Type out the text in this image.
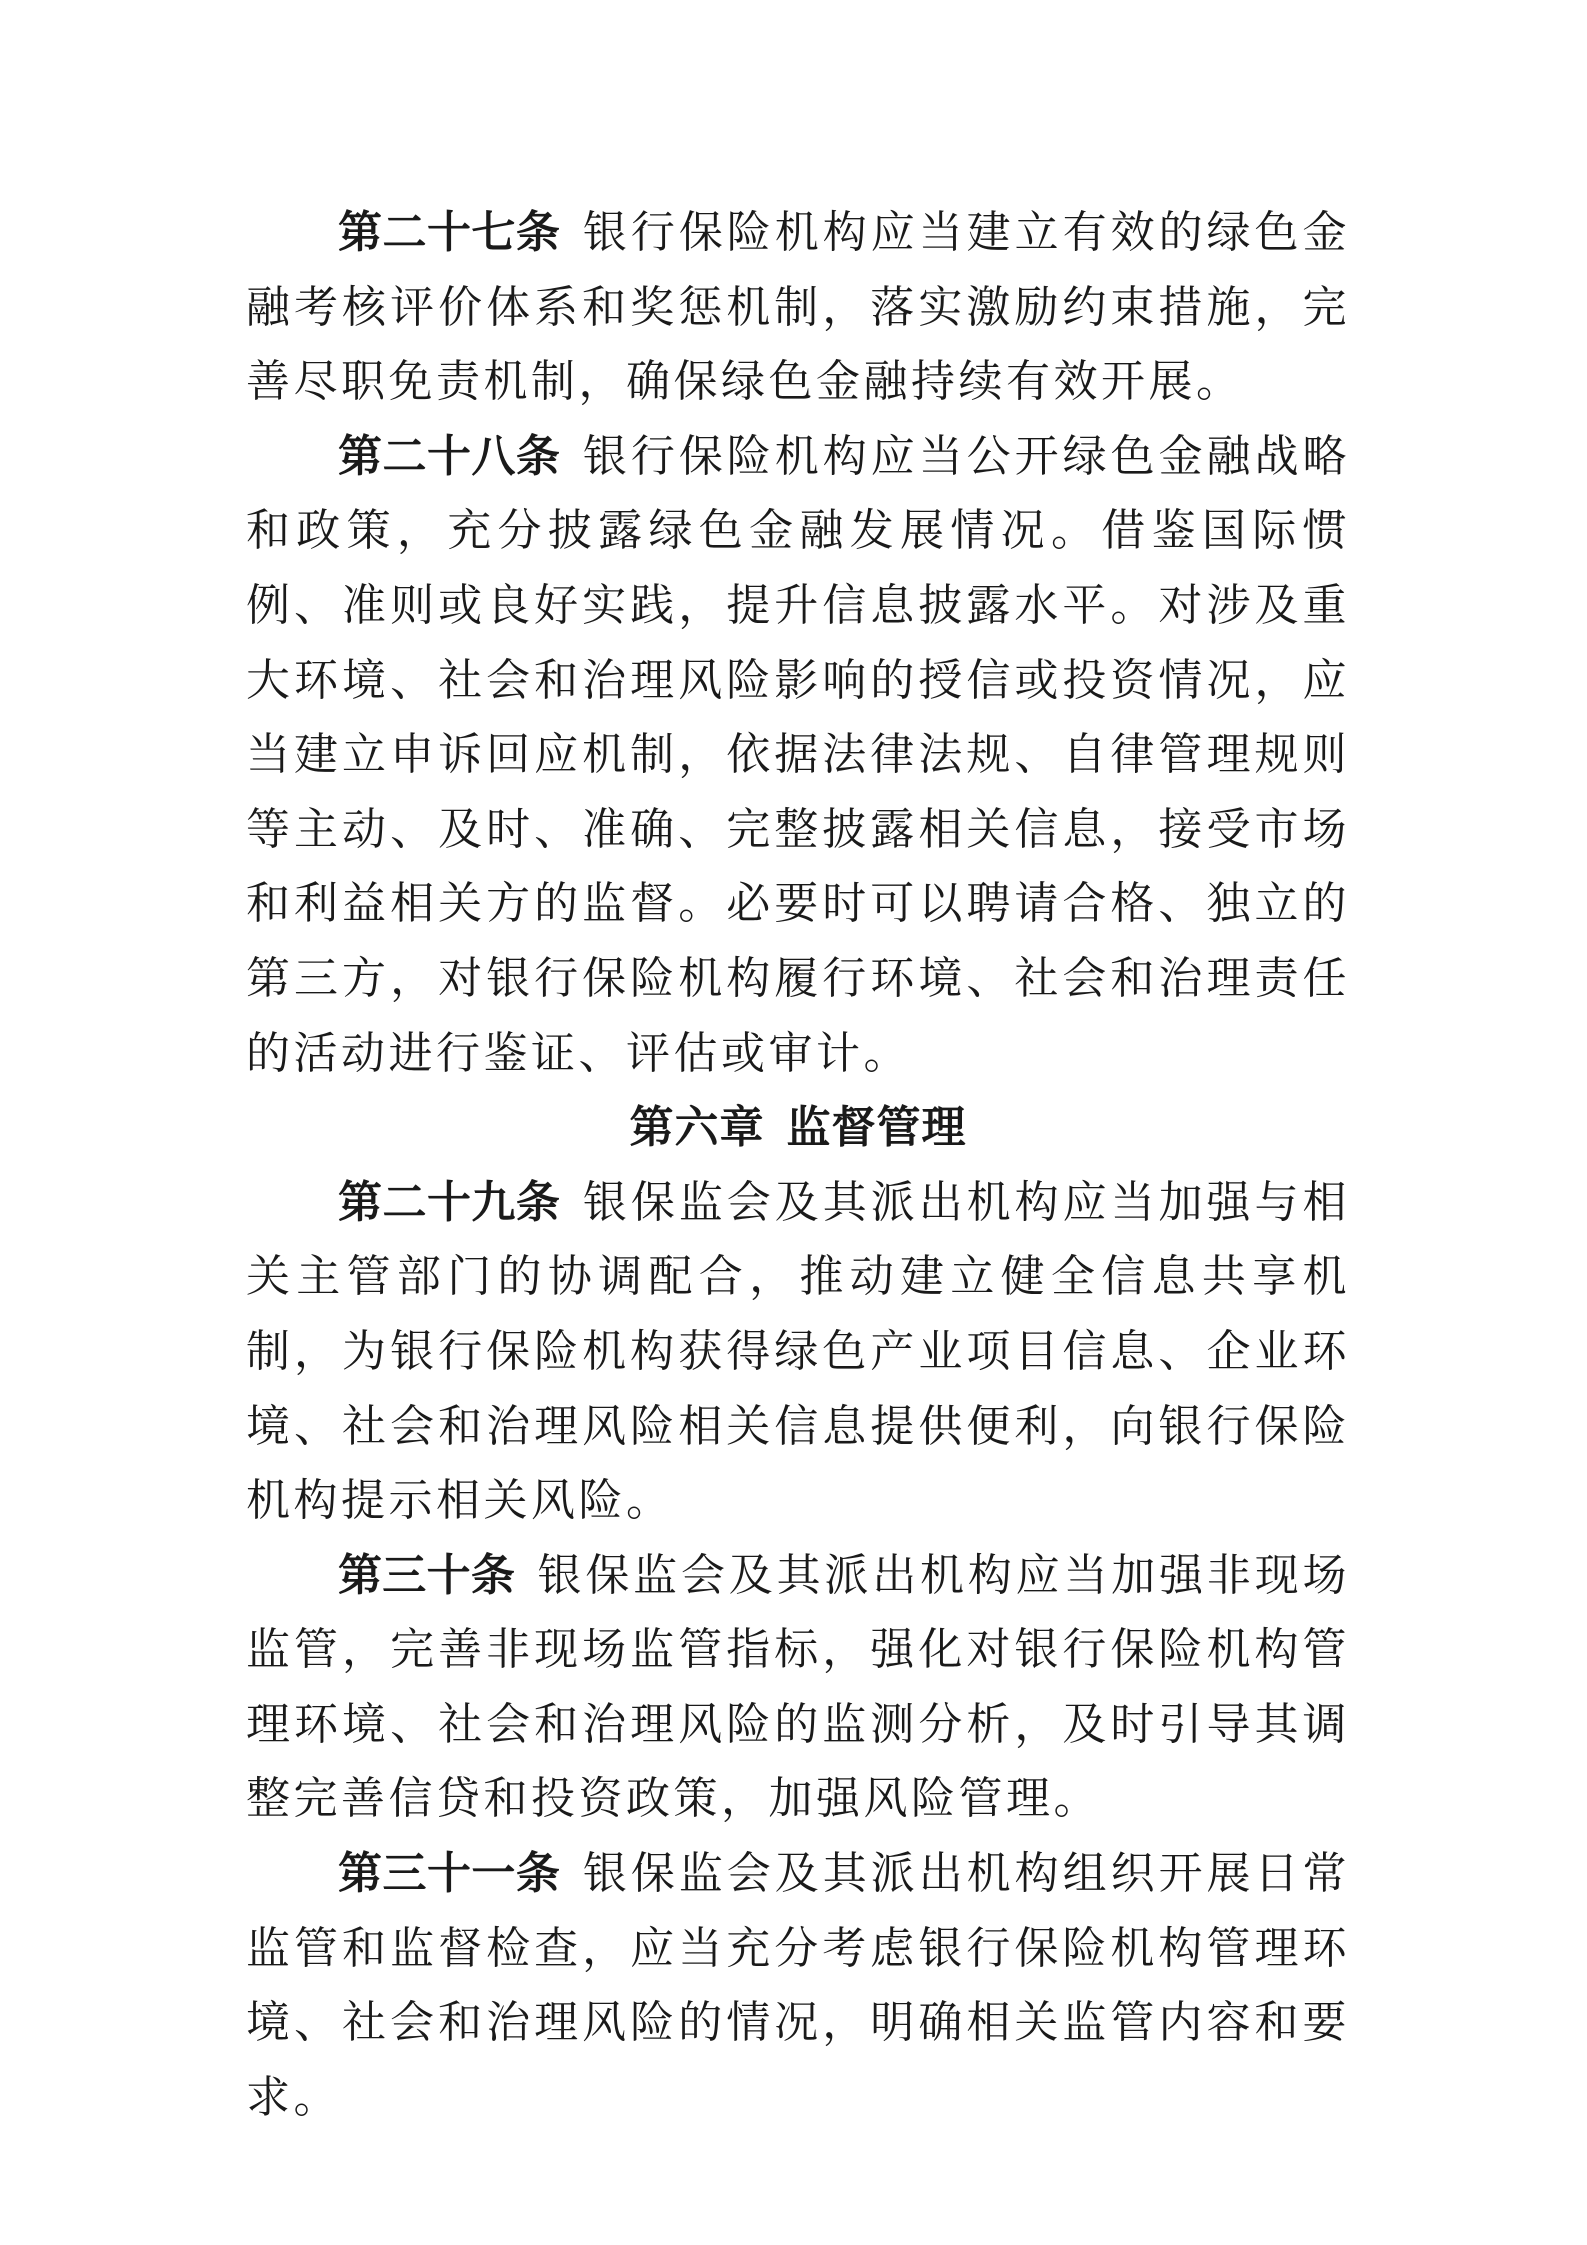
第二十七条 银行保险机构应当建立有效的绿色金融考核评价体系和奖惩机制，落实激励约束措施，完善尽职免责机制，确保绿色金融持续有效开展。

第二十八条 银行保险机构应当公开绿色金融战略和政策，充分披露绿色金融发展情况。借鉴国际惯例、准则或良好实践，提升信息披露水平。对涉及重大环境、社会和治理风险影响的授信或投资情况，应当建立申诉回应机制，依据法律法规、自律管理规则等主动、及时、准确、完整披露相关信息，接受市场和利益相关方的监督。必要时可以聘请合格、独立的第三方，对银行保险机构履行环境、社会和治理责任的活动进行鉴证、评估或审计。

第六章 监督管理

第二十九条 银保监会及其派出机构应当加强与相关主管部门的协调配合，推动建立健全信息共享机制，为银行保险机构获得绿色产业项目信息、企业环境、社会和治理风险相关信息提供便利，向银行保险机构提示相关风险。

第三十条 银保监会及其派出机构应当加强非现场监管，完善非现场监管指标，强化对银行保险机构管理环境、社会和治理风险的监测分析，及时引导其调整完善信贷和投资政策，加强风险管理。

第三十一条 银保监会及其派出机构组织开展日常监管和监督检查，应当充分考虑银行保险机构管理环境、社会和治理风险的情况，明确相关监管内容和要求。
